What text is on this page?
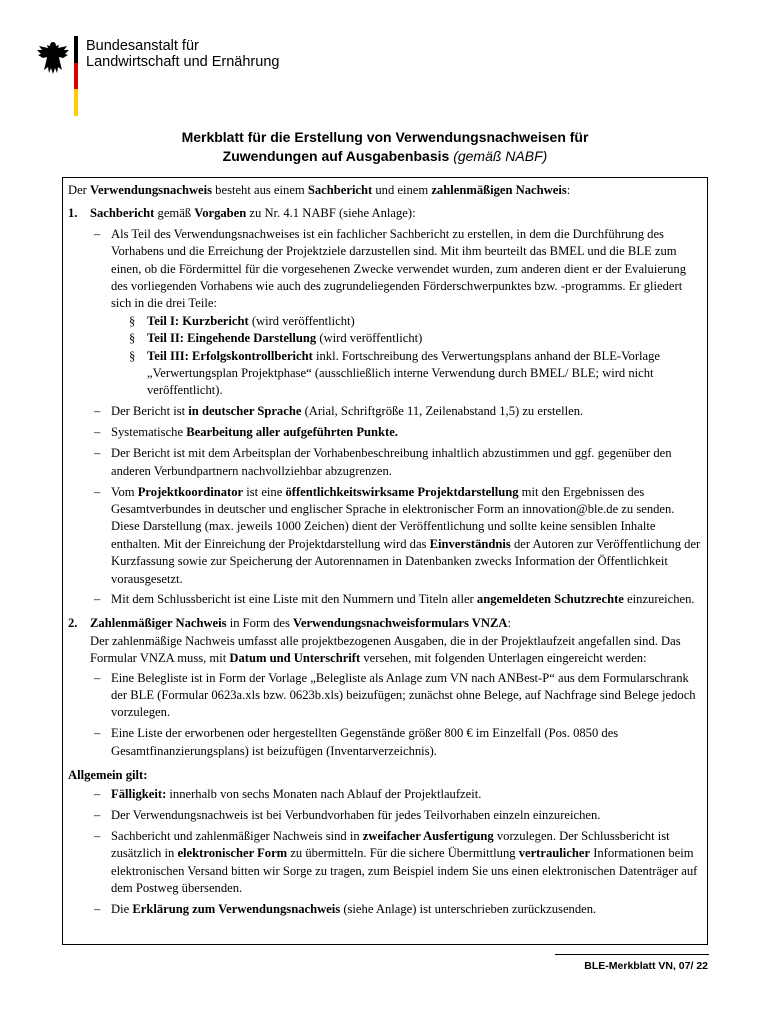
Bundesanstalt für
Landwirtschaft und Ernährung
Merkblatt für die Erstellung von Verwendungsnachweisen für
Zuwendungen auf Ausgabenbasis (gemäß NABF)

Der Verwendungsnachweis besteht aus einem Sachbericht und einem zahlenmäßigen Nachweis:

1. Sachbericht gemäß Vorgaben zu Nr. 4.1 NABF (siehe Anlage):

– Als Teil des Verwendungsnachweises ist ein fachlicher Sachbericht zu erstellen, in dem die Durchführung des Vorhabens und die Erreichung der Projektziele darzustellen sind. Mit ihm beurteilt das BMEL und die BLE zum einen, ob die Fördermittel für die vorgesehenen Zwecke verwendet wurden, zum anderen dient er der Evaluierung des vorliegenden Vorhabens wie auch des zugrundeliegenden Förderschwerpunktes bzw. -programms. Er gliedert sich in die drei Teile:
§ Teil I: Kurzbericht (wird veröffentlicht)
§ Teil II: Eingehende Darstellung (wird veröffentlicht)
§ Teil III: Erfolgskontrollbericht inkl. Fortschreibung des Verwertungsplans anhand der BLE-Vorlage „Verwertungsplan Projektphase“ (ausschließlich interne Verwendung durch BMEL/ BLE; wird nicht veröffentlicht).
– Der Bericht ist in deutscher Sprache (Arial, Schriftgröße 11, Zeilenabstand 1,5) zu erstellen.
– Systematische Bearbeitung aller aufgeführten Punkte.
– Der Bericht ist mit dem Arbeitsplan der Vorhabenbeschreibung inhaltlich abzustimmen und ggf. gegenüber den anderen Verbundpartnern nachvollziehbar abzugrenzen.
– Vom Projektkoordinator ist eine öffentlichkeitswirksame Projektdarstellung mit den Ergebnissen des Gesamtverbundes in deutscher und englischer Sprache in elektronischer Form an innovation@ble.de zu senden. Diese Darstellung (max. jeweils 1000 Zeichen) dient der Veröffentlichung und sollte keine sensiblen Inhalte enthalten. Mit der Einreichung der Projektdarstellung wird das Einverständnis der Autoren zur Veröffentlichung der Kurzfassung sowie zur Speicherung der Autorennamen in Datenbanken zwecks Information der Öffentlichkeit vorausgesetzt.
– Mit dem Schlussbericht ist eine Liste mit den Nummern und Titeln aller angemeldeten Schutzrechte einzureichen.
2. Zahlenmäßiger Nachweis in Form des Verwendungsnachweisformulars VNZA:

Der zahlenmäßige Nachweis umfasst alle projektbezogenen Ausgaben, die in der Projektlaufzeit angefallen sind. Das Formular VNZA muss, mit Datum und Unterschrift versehen, mit folgenden Unterlagen eingereicht werden:

– Eine Belegliste ist in Form der Vorlage „Belegliste als Anlage zum VN nach ANBest-P“ aus dem Formularschrank der BLE (Formular 0623a.xls bzw. 0623b.xls) beizufügen; zunächst ohne Belege, auf Nachfrage sind Belege jedoch vorzulegen.
– Eine Liste der erworbenen oder hergestellten Gegenstände größer 800 € im Einzelfall (Pos. 0850 des Gesamtfinanzierungsplans) ist beizufügen (Inventarverzeichnis).

Allgemein gilt:

– Fälligkeit: innerhalb von sechs Monaten nach Ablauf der Projektlaufzeit.
– Der Verwendungsnachweis ist bei Verbundvorhaben für jedes Teilvorhaben einzeln einzureichen.
– Sachbericht und zahlenmäßiger Nachweis sind in zweifacher Ausfertigung vorzulegen. Der Schlussbericht ist zusätzlich in elektronischer Form zu übermitteln. Für die sichere Übermittlung vertraulicher Informationen beim elektronischen Versand bitten wir Sorge zu tragen, zum Beispiel indem Sie uns einen elektronischen Datenträger auf dem Postweg übersenden.
– Die Erklärung zum Verwendungsnachweis (siehe Anlage) ist unterschrieben zurückzusenden.
BLE-Merkblatt VN, 07/ 22
